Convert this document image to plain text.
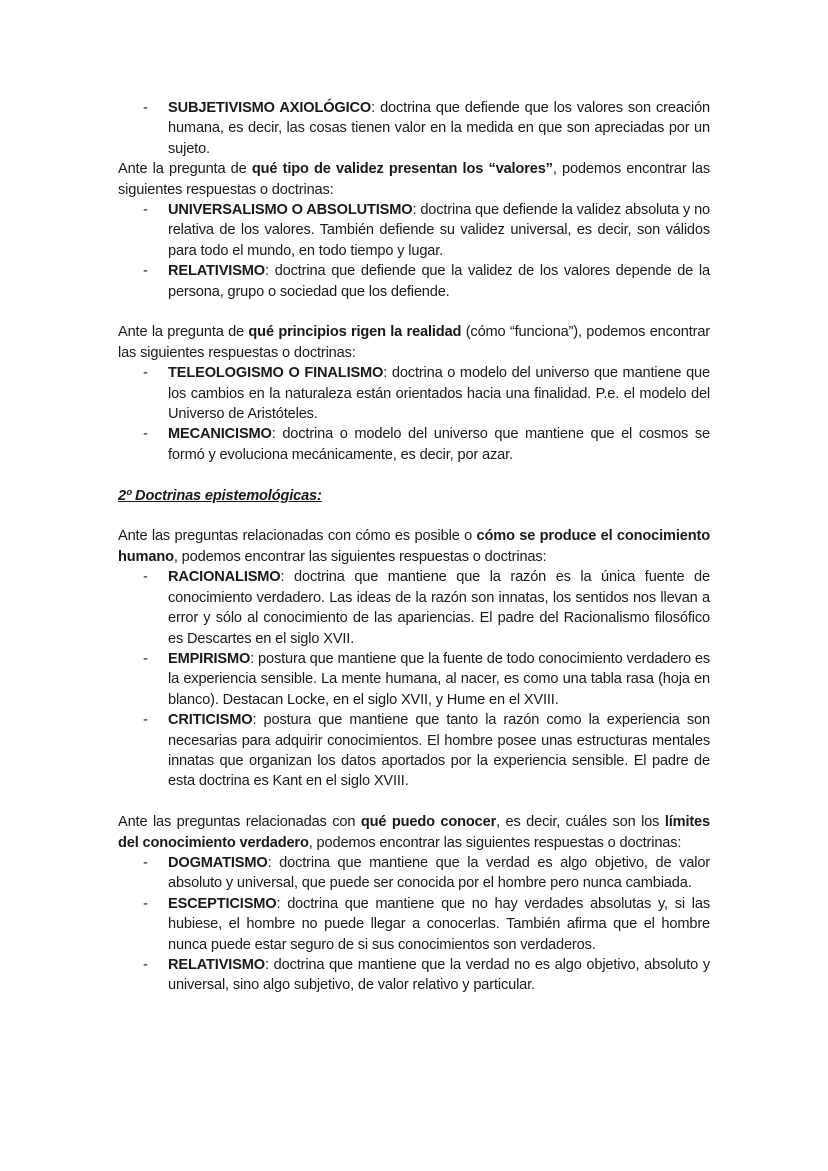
- SUBJETIVISMO AXIOLÓGICO: doctrina que defiende que los valores son creación humana, es decir, las cosas tienen valor en la medida en que son apreciadas por un sujeto.

Ante la pregunta de qué tipo de validez presentan los “valores”, podemos encontrar las siguientes respuestas o doctrinas:

- UNIVERSALISMO O ABSOLUTISMO: doctrina que defiende la validez absoluta y no relativa de los valores. También defiende su validez universal, es decir, son válidos para todo el mundo, en todo tiempo y lugar.
- RELATIVISMO: doctrina que defiende que la validez de los valores depende de la persona, grupo o sociedad que los defiende.

Ante la pregunta de qué principios rigen la realidad (cómo “funciona”), podemos encontrar las siguientes respuestas o doctrinas:

- TELEOLOGISMO O FINALISMO: doctrina o modelo del universo que mantiene que los cambios en la naturaleza están orientados hacia una finalidad. P.e. el modelo del Universo de Aristóteles.
- MECANICISMO: doctrina o modelo del universo que mantiene que el cosmos se formó y evoluciona mecánicamente, es decir, por azar.

2º Doctrinas epistemológicas:

Ante las preguntas relacionadas con cómo es posible o cómo se produce el conocimiento humano, podemos encontrar las siguientes respuestas o doctrinas:

- RACIONALISMO: doctrina que mantiene que la razón es la única fuente de conocimiento verdadero. Las ideas de la razón son innatas, los sentidos nos llevan a error y sólo al conocimiento de las apariencias. El padre del Racionalismo filosófico es Descartes en el siglo XVII.
- EMPIRISMO: postura que mantiene que la fuente de todo conocimiento verdadero es la experiencia sensible. La mente humana, al nacer, es como una tabla rasa (hoja en blanco). Destacan Locke, en el siglo XVII, y Hume en el XVIII.
- CRITICISMO: postura que mantiene que tanto la razón como la experiencia son necesarias para adquirir conocimientos. El hombre posee unas estructuras mentales innatas que organizan los datos aportados por la experiencia sensible. El padre de esta doctrina es Kant en el siglo XVIII.

Ante las preguntas relacionadas con qué puedo conocer, es decir, cuáles son los límites del conocimiento verdadero, podemos encontrar las siguientes respuestas o doctrinas:

- DOGMATISMO: doctrina que mantiene que la verdad es algo objetivo, de valor absoluto y universal, que puede ser conocida por el hombre pero nunca cambiada.
- ESCEPTICISMO: doctrina que mantiene que no hay verdades absolutas y, si las hubiese, el hombre no puede llegar a conocerlas. También afirma que el hombre nunca puede estar seguro de si sus conocimientos son verdaderos.
- RELATIVISMO: doctrina que mantiene que la verdad no es algo objetivo, absoluto y universal, sino algo subjetivo, de valor relativo y particular.
